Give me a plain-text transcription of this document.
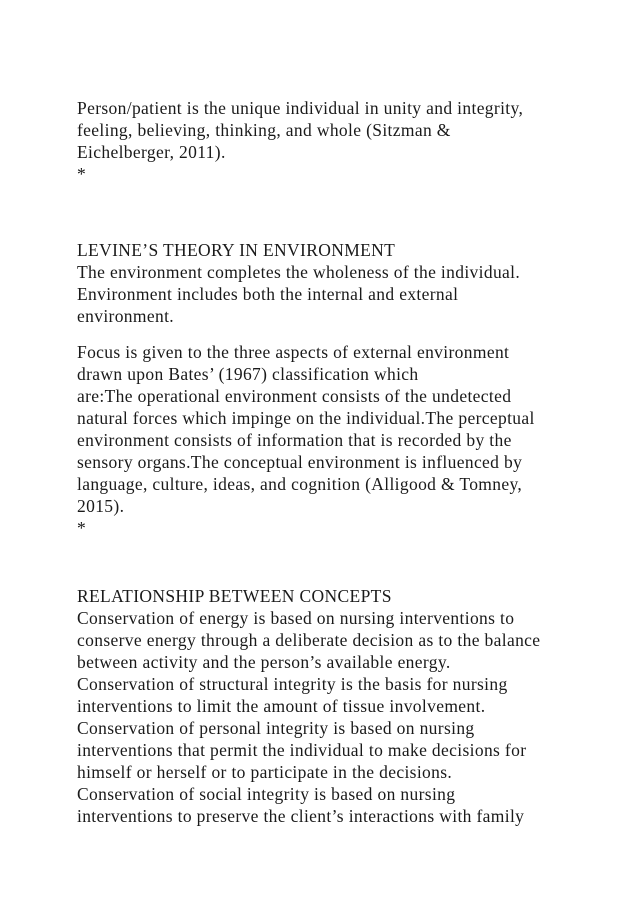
Person/patient is the unique individual in unity and integrity,
feeling, believing, thinking, and whole (Sitzman &
Eichelberger, 2011).
*
LEVINE’S THEORY IN ENVIRONMENT
The environment completes the wholeness of the individual.
Environment includes both the internal and external
environment.
Focus is given to the three aspects of external environment
drawn upon Bates’ (1967) classification which
are:The operational environment consists of the undetected
natural forces which impinge on the individual.The perceptual
environment consists of information that is recorded by the
sensory organs.The conceptual environment is influenced by
language, culture, ideas, and cognition (Alligood & Tomney,
2015).
*
RELATIONSHIP BETWEEN CONCEPTS
Conservation of energy is based on nursing interventions to
conserve energy through a deliberate decision as to the balance
between activity and the person’s available energy.
Conservation of structural integrity is the basis for nursing
interventions to limit the amount of tissue involvement.
Conservation of personal integrity is based on nursing
interventions that permit the individual to make decisions for
himself or herself or to participate in the decisions.
Conservation of social integrity is based on nursing
interventions to preserve the client’s interactions with family
